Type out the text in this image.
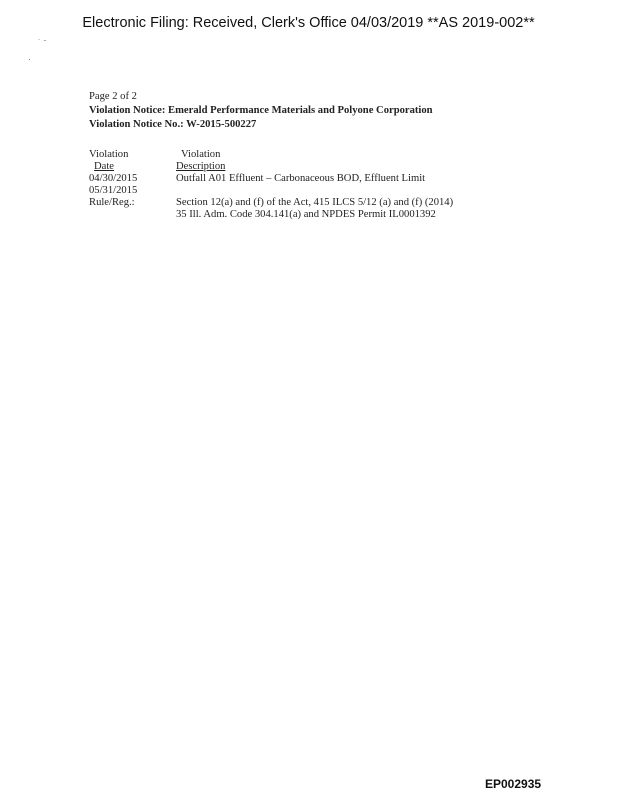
Electronic Filing: Received, Clerk's Office 04/03/2019 **AS 2019-002**
˙ ˉ
·
Page 2 of 2
Violation Notice: Emerald Performance Materials and Polyone Corporation
Violation Notice No.: W-2015-500227
Violation	Violation
Date	Description
04/30/2015	Outfall A01 Effluent – Carbonaceous BOD, Effluent Limit
05/31/2015
Rule/Reg.:	Section 12(a) and (f) of the Act, 415 ILCS 5/12 (a) and (f) (2014)
35 Ill. Adm. Code 304.141(a) and NPDES Permit IL0001392
EP002935
